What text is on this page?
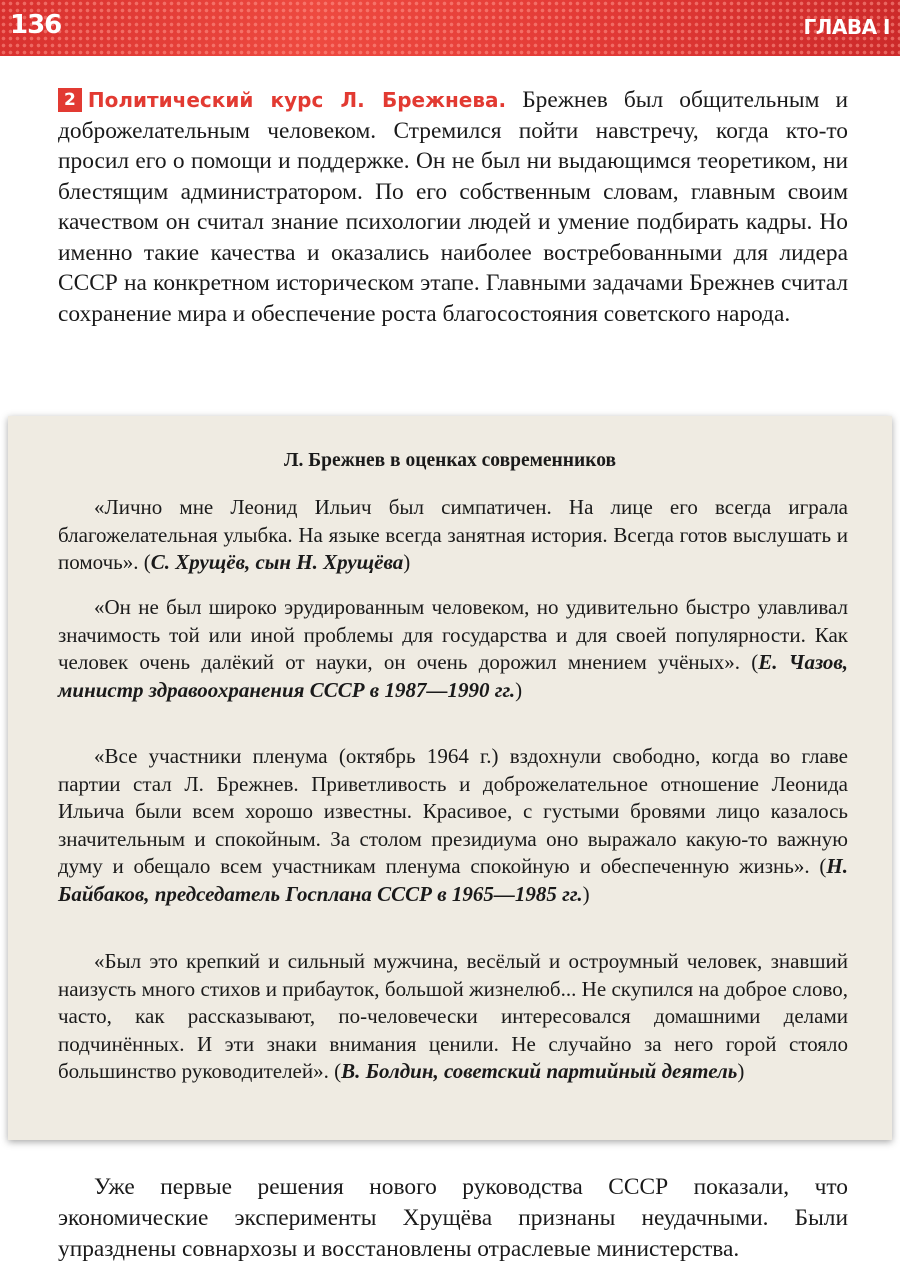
136	ГЛАВА I

2 Политический курс Л. Брежнева. Брежнев был общительным и доброжелательным человеком. Стремился пойти навстречу, когда кто-то просил его о помощи и поддержке. Он не был ни выдающимся теоретиком, ни блестящим администратором. По его собственным словам, главным своим качеством он считал знание психологии людей и умение подбирать кадры. Но именно такие качества и оказались наиболее востребованными для лидера СССР на конкретном историческом этапе. Главными задачами Брежнев считал сохранение мира и обеспечение роста благосостояния советского народа.

Л. Брежнев в оценках современников

«Лично мне Леонид Ильич был симпатичен. На лице его всегда играла благожелательная улыбка. На языке всегда занятная история. Всегда готов выслушать и помочь». (С. Хрущёв, сын Н. Хрущёва)

«Он не был широко эрудированным человеком, но удивительно быстро улавливал значимость той или иной проблемы для государства и для своей популярности. Как человек очень далёкий от науки, он очень дорожил мнением учёных». (Е. Чазов, министр здравоохранения СССР в 1987—1990 гг.)

«Все участники пленума (октябрь 1964 г.) вздохнули свободно, когда во главе партии стал Л. Брежнев. Приветливость и доброжелательное отношение Леонида Ильича были всем хорошо известны. Красивое, с густыми бровями лицо казалось значительным и спокойным. За столом президиума оно выражало какую-то важную думу и обещало всем участникам пленума спокойную и обеспеченную жизнь». (Н. Байбаков, председатель Госплана СССР в 1965—1985 гг.)

«Был это крепкий и сильный мужчина, весёлый и остроумный человек, знавший наизусть много стихов и прибауток, большой жизнелюб... Не скупился на доброе слово, часто, как рассказывают, по-человечески интересовался домашними делами подчинённых. И эти знаки внимания ценили. Не случайно за него горой стояло большинство руководителей». (В. Болдин, советский партийный деятель)

Уже первые решения нового руководства СССР показали, что экономические эксперименты Хрущёва признаны неудачными. Были упразднены совнархозы и восстановлены отраслевые министерства.
